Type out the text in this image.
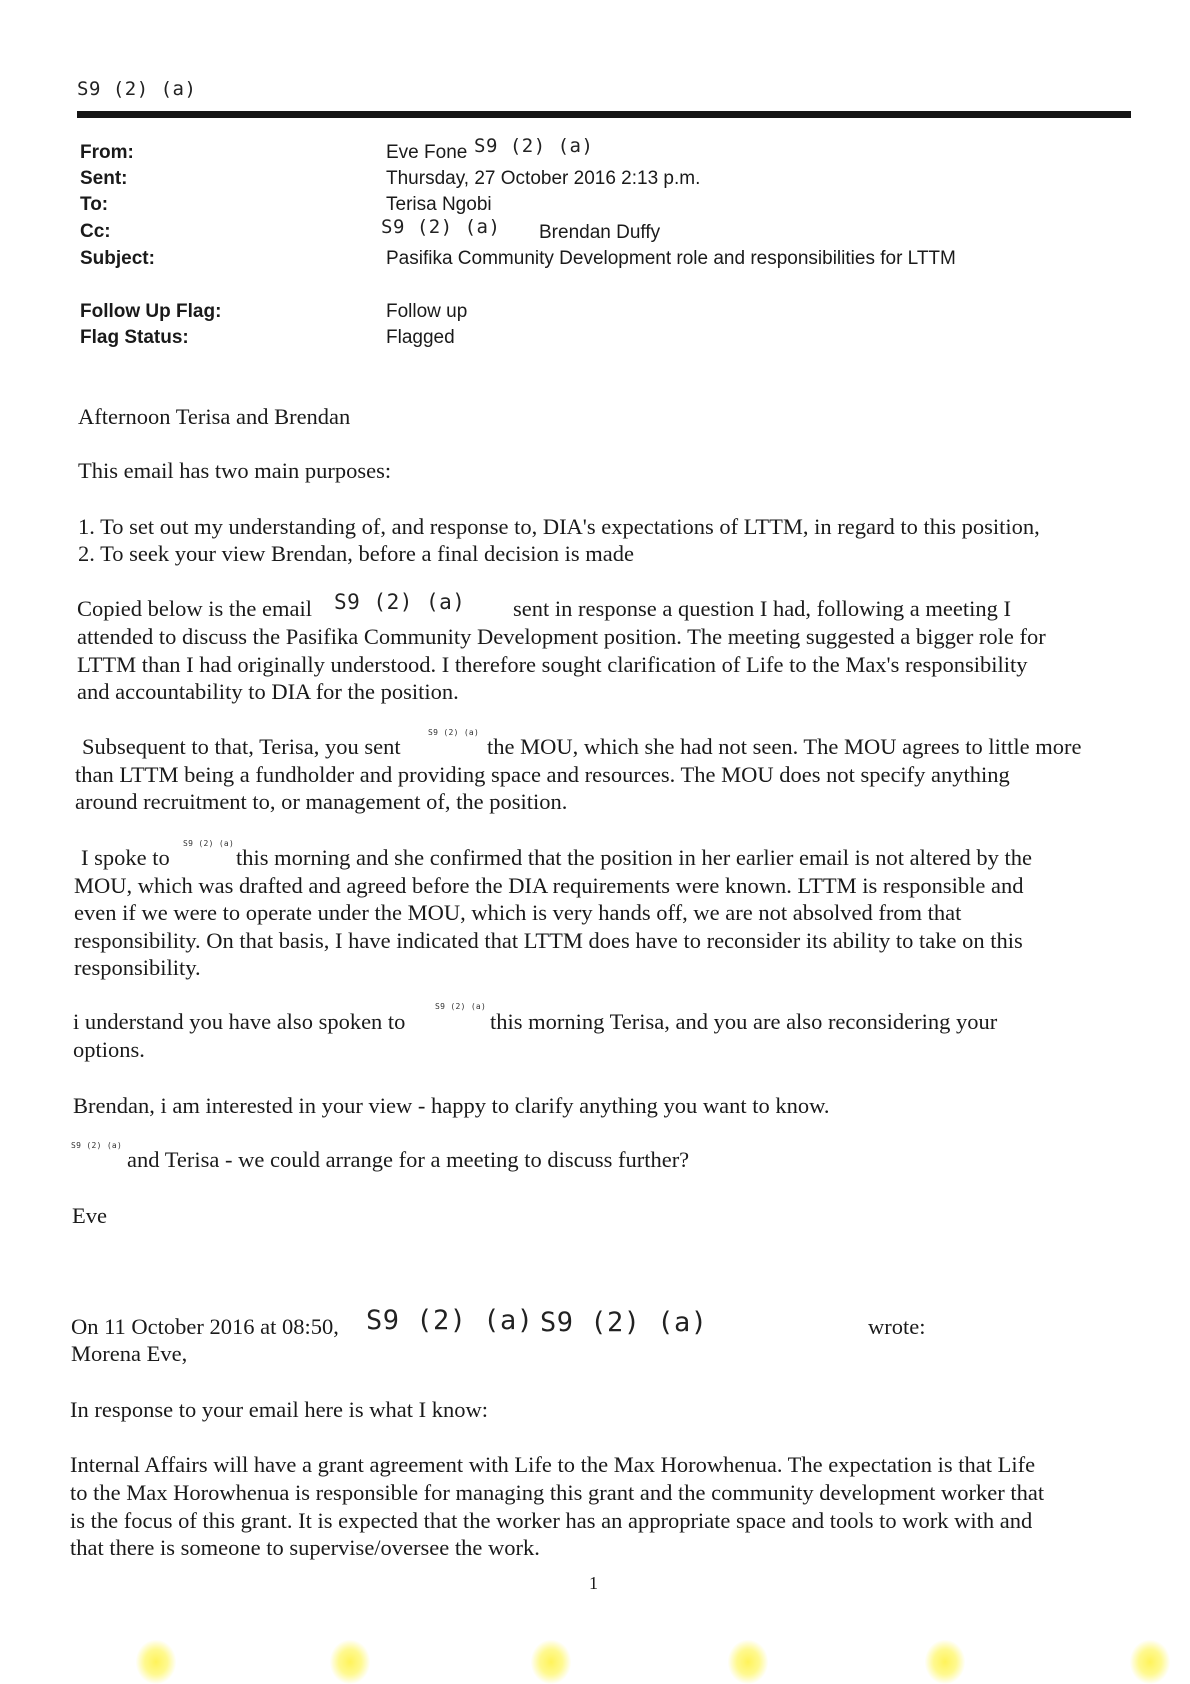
S9 (2) (a)
From:	Eve Fone S9 (2) (a)
Sent:	Thursday, 27 October 2016 2:13 p.m.
To:	Terisa Ngobi
Cc:	S9 (2) (a) Brendan Duffy
Subject:	Pasifika Community Development role and responsibilities for LTTM
Follow Up Flag:	Follow up
Flag Status:	Flagged
Afternoon Terisa and Brendan
This email has two main purposes:
1. To set out my understanding of, and response to, DIA's expectations of LTTM, in regard to this position,
2. To seek your view Brendan, before a final decision is made
Copied below is the email S9 (2) (a) sent in response a question I had, following a meeting I
attended to discuss the Pasifika Community Development position. The meeting suggested a bigger role for
LTTM than I had originally understood. I therefore sought clarification of Life to the Max's responsibility
and accountability to DIA for the position.
Subsequent to that, Terisa, you sent
S9 (2) (a)
the MOU, which she had not seen. The MOU agrees to little more
than LTTM being a fundholder and providing space and resources. The MOU does not specify anything
around recruitment to, or management of, the position.
I spoke to
S9 (2) (a)
this morning and she confirmed that the position in her earlier email is not altered by the
MOU, which was drafted and agreed before the DIA requirements were known. LTTM is responsible and
even if we were to operate under the MOU, which is very hands off, we are not absolved from that
responsibility. On that basis, I have indicated that LTTM does have to reconsider its ability to take on this
responsibility.
i understand you have also spoken to
S9 (2) (a)
this morning Terisa, and you are also reconsidering your
options.
Brendan, i am interested in your view - happy to clarify anything you want to know.
S9 (2) (a)
and Terisa - we could arrange for a meeting to discuss further?
Eve
On 11 October 2016 at 08:50, S9 (2) (a) S9 (2) (a)	wrote:
Morena Eve,
In response to your email here is what I know:
Internal Affairs will have a grant agreement with Life to the Max Horowhenua. The expectation is that Life
to the Max Horowhenua is responsible for managing this grant and the community development worker that
is the focus of this grant. It is expected that the worker has an appropriate space and tools to work with and
that there is someone to supervise/oversee the work.
1
